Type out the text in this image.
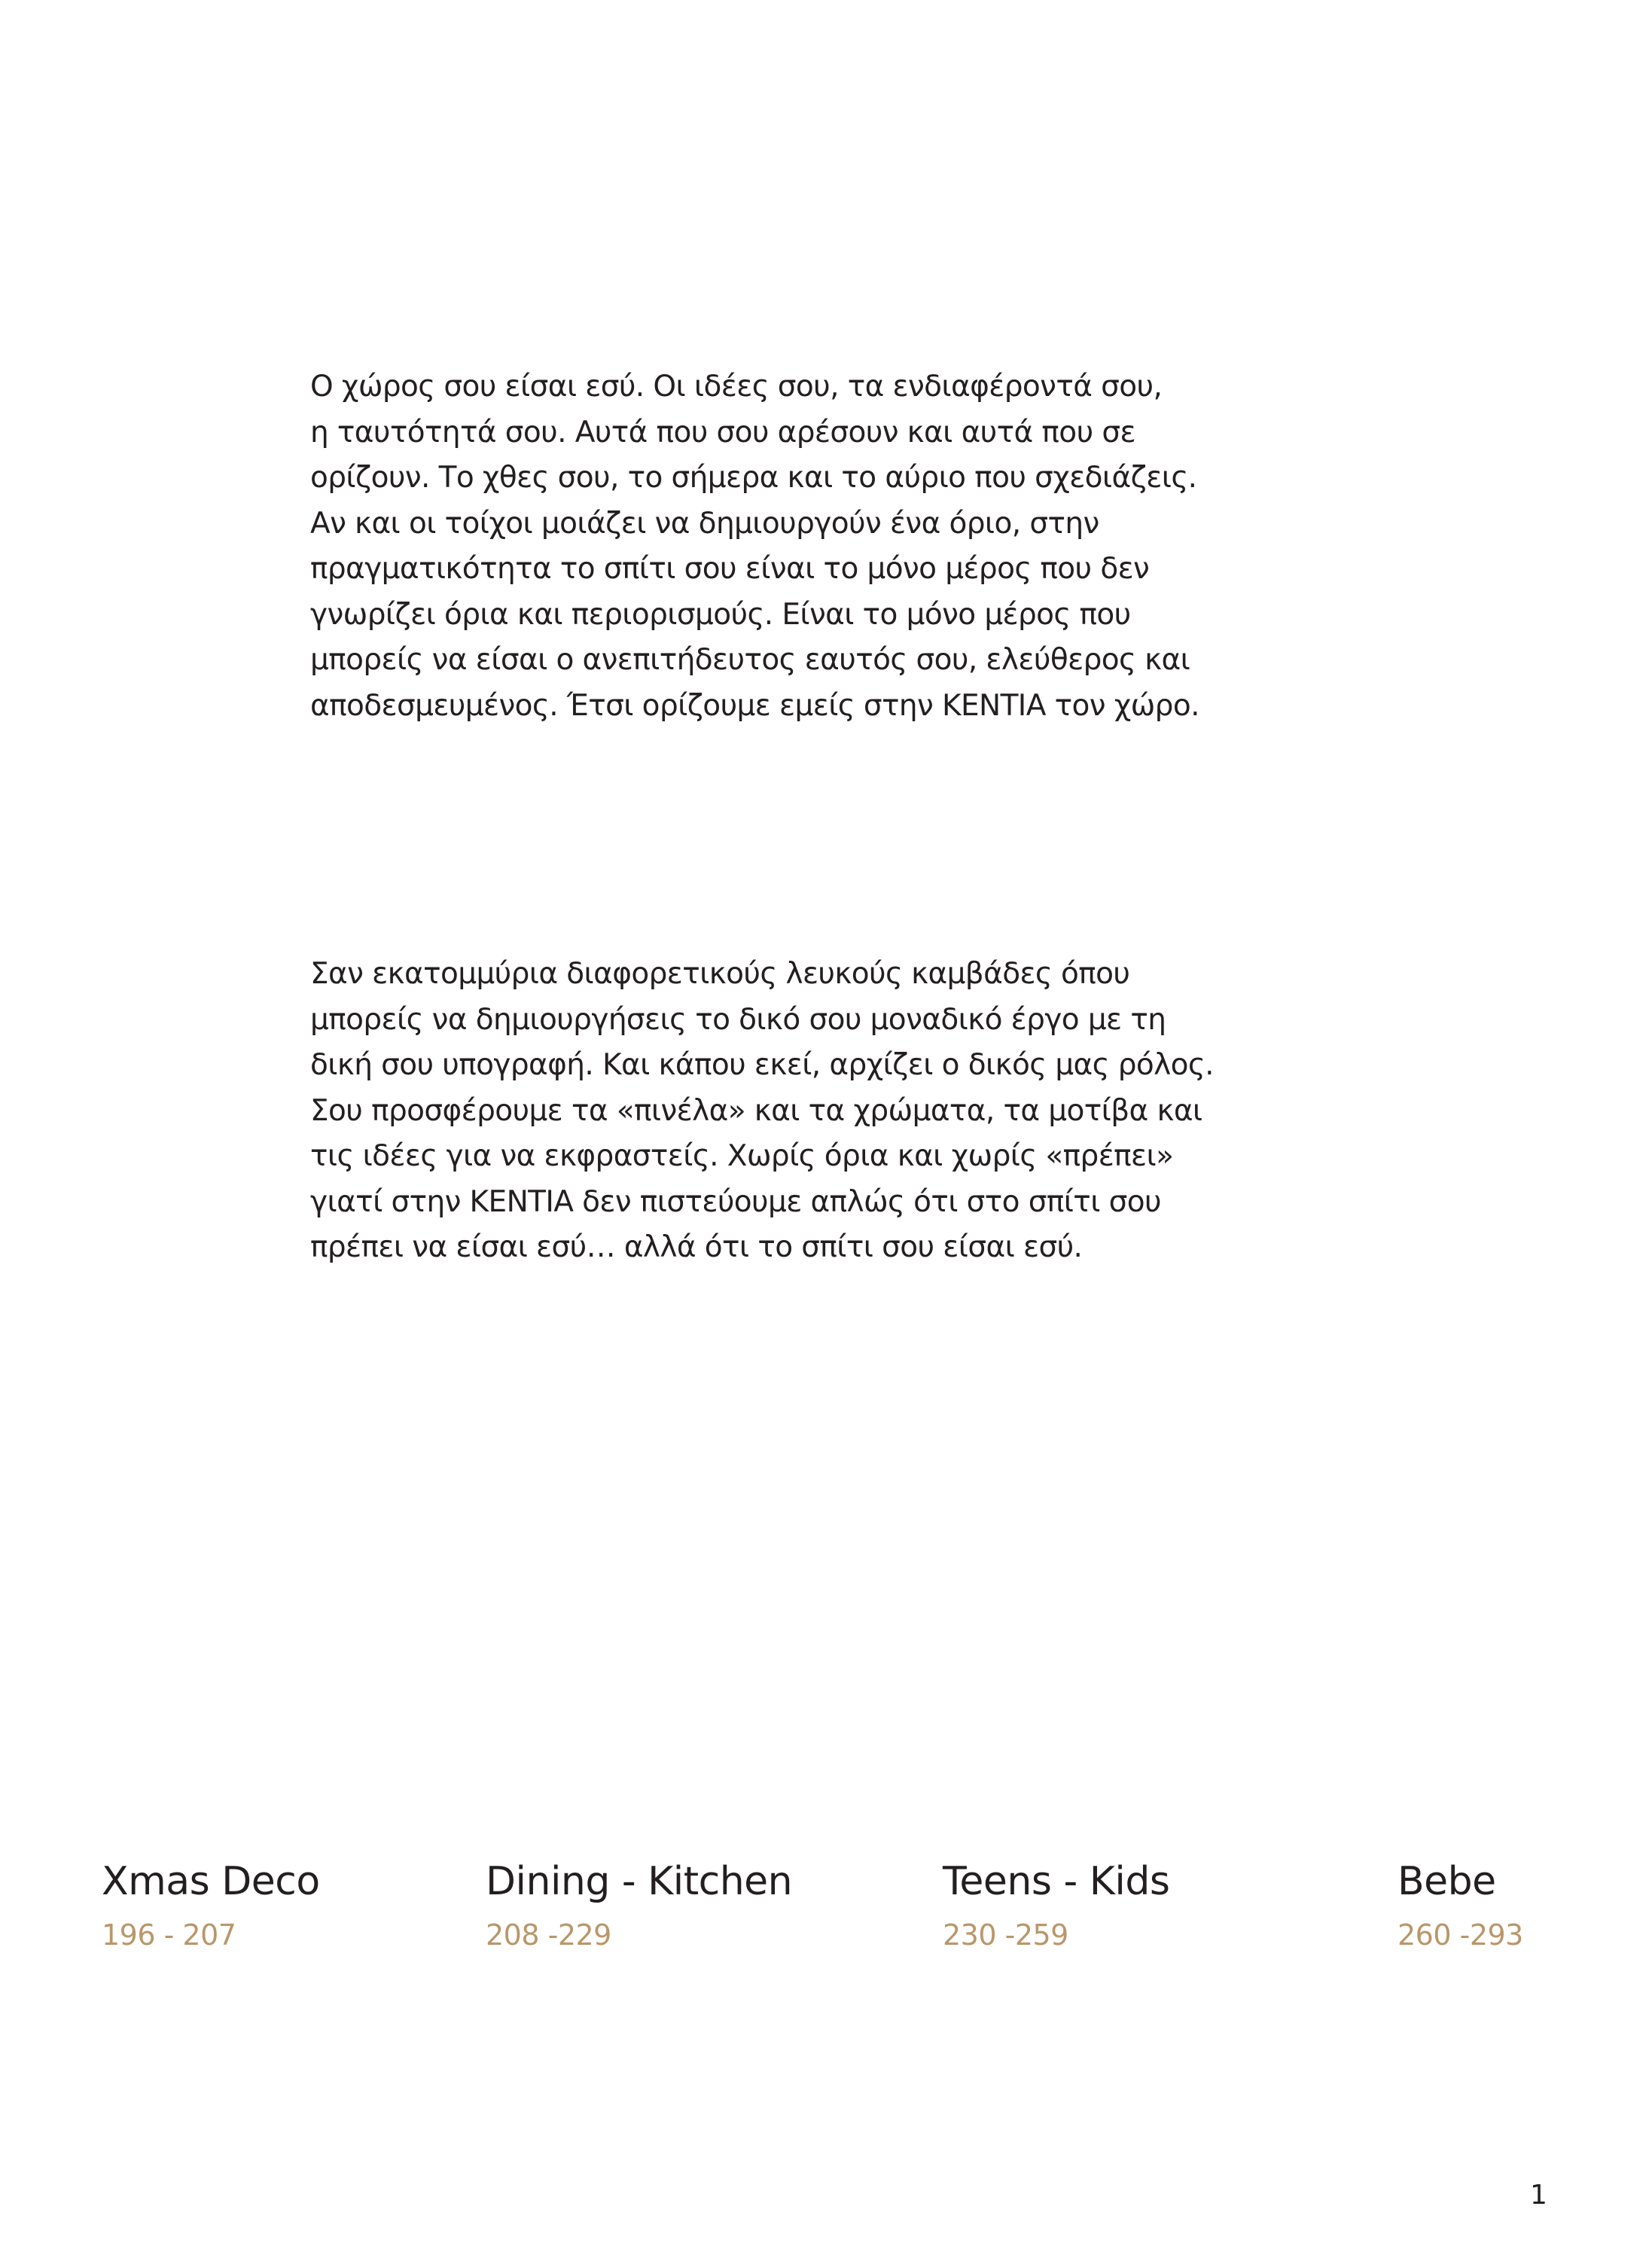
Ο χώρος σου είσαι εσύ. Οι ιδέες σου, τα ενδιαφέροντά σου,
η ταυτότητά σου. Αυτά που σου αρέσουν και αυτά που σε
ορίζουν. Το χθες σου, το σήμερα και το αύριο που σχεδιάζεις.
Αν και οι τοίχοι μοιάζει να δημιουργούν ένα όριο, στην
πραγματικότητα το σπίτι σου είναι το μόνο μέρος που δεν
γνωρίζει όρια και περιορισμούς. Είναι το μόνο μέρος που
μπορείς να είσαι ο ανεπιτήδευτος εαυτός σου, ελεύθερος και
αποδεσμευμένος. Έτσι ορίζουμε εμείς στην KENTIA τον χώρο.
Σαν εκατομμύρια διαφορετικούς λευκούς καμβάδες όπου
μπορείς να δημιουργήσεις το δικό σου μοναδικό έργο με τη
δική σου υπογραφή. Και κάπου εκεί, αρχίζει ο δικός μας ρόλος.
Σου προσφέρουμε τα «πινέλα» και τα χρώματα, τα μοτίβα και
τις ιδέες για να εκφραστείς. Χωρίς όρια και χωρίς «πρέπει»
γιατί στην KENTIA δεν πιστεύουμε απλώς ότι στο σπίτι σου
πρέπει να είσαι εσύ… αλλά ότι το σπίτι σου είσαι εσύ.
Xmas Deco
196 - 207
Dining - Kitchen
208 -229
Teens - Kids
230 -259
Bebe
260 -293
1
